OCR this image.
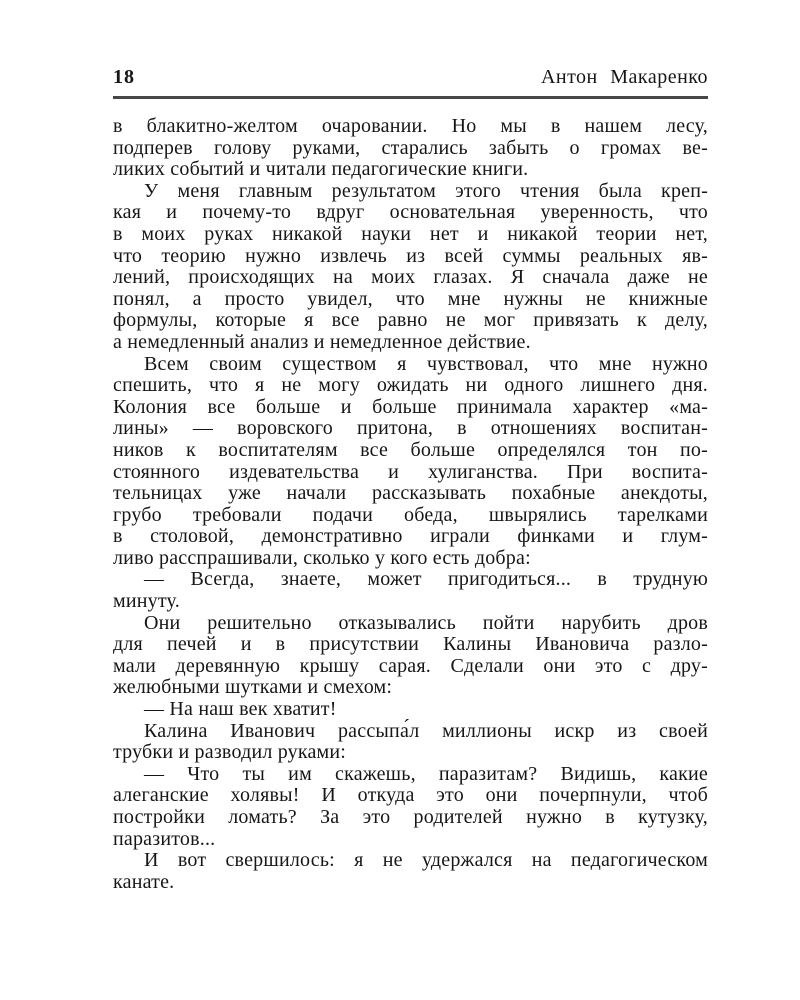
18	Антон Макаренко
в блакитно-желтом очаровании. Но мы в нашем лесу,
подперев голову руками, старались забыть о громах ве-
ликих событий и читали педагогические книги.
У меня главным результатом этого чтения была креп-
кая и почему-то вдруг основательная уверенность, что
в моих руках никакой науки нет и никакой теории нет,
что теорию нужно извлечь из всей суммы реальных яв-
лений, происходящих на моих глазах. Я сначала даже не
понял, а просто увидел, что мне нужны не книжные
формулы, которые я все равно не мог привязать к делу,
а немедленный анализ и немедленное действие.
Всем своим существом я чувствовал, что мне нужно
спешить, что я не могу ожидать ни одного лишнего дня.
Колония все больше и больше принимала характер «ма-
лины» — воровского притона, в отношениях воспитан-
ников к воспитателям все больше определялся тон по-
стоянного издевательства и хулиганства. При воспита-
тельницах уже начали рассказывать похабные анекдоты,
грубо требовали подачи обеда, швырялись тарелками
в столовой, демонстративно играли финками и глум-
ливо расспрашивали, сколько у кого есть добра:
— Всегда, знаете, может пригодиться... в трудную
минуту.
Они решительно отказывались пойти нарубить дров
для печей и в присутствии Калины Ивановича разло-
мали деревянную крышу сарая. Сделали они это с дру-
желюбными шутками и смехом:
— На наш век хватит!
Калина Иванович рассыпа́л миллионы искр из своей
трубки и разводил руками:
— Что ты им скажешь, паразитам? Видишь, какие
алеганские холявы! И откуда это они почерпнули, чтоб
постройки ломать? За это родителей нужно в кутузку,
паразитов...
И вот свершилось: я не удержался на педагогическом
канате.
